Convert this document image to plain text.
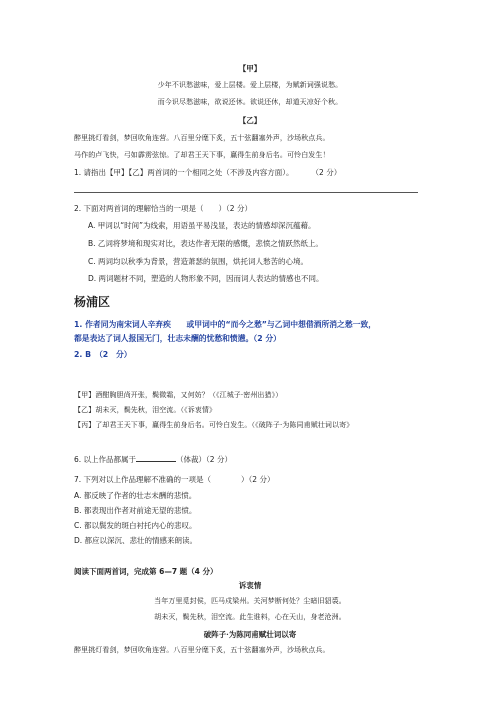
【甲】
少年不识愁滋味，爱上层楼。爱上层楼，为赋新词强说愁。
而今识尽愁滋味，欲说还休。欲说还休，却道天凉好个秋。
【乙】
醉里挑灯看剑，梦回吹角连营。八百里分麾下炙，五十弦翻塞外声，沙场秋点兵。
马作的卢飞快，弓如霹雳弦惊。了却君王天下事，赢得生前身后名。可怜白发生！
1. 请指出【甲】【乙】两首词的一个相同之处（不涉及内容方面）。 （2 分）
2. 下面对两首词的理解恰当的一项是（　　）（2 分）
A. 甲词以“时间”为线索，用语虽平易浅显，表达的情感却深沉蕴藉。
B. 乙词将梦境和现实对比，表达作者无限的感慨，悲愤之情跃然纸上。
C. 两词均以秋季为背景，营造萧瑟的氛围，烘托词人愁苦的心境。
D. 两词题材不同，塑造的人物形象不同，因而词人表达的情感也不同。
杨浦区
1. 作者同为南宋词人辛弃疾　　或甲词中的“而今之愁”与乙词中想借酒所消之愁一致，
都是表达了词人报国无门，壮志未酬的忧愁和愤懑。（2 分）
2. B　（2　分）
【甲】酒酣胸胆尚开张，鬓微霜，又何妨？（《江城子·密州出猎》）
【乙】胡未灭，鬓先秋，泪空流。（《诉衷情》
【丙】了却君王天下事，赢得生前身后名。可怜白发生。（《破阵子·为陈同甫赋壮词以寄》
6. 以上作品都属于	（体裁）（2 分）
7. 下列对以上作品理解不准确的一项是（　　　　）（2 分）
A. 都反映了作者的壮志未酬的悲愤。
B. 都表现出作者对前途无望的悲愤。
C. 都以鬓发的斑白衬托内心的悲叹。
D. 都应以深沉、悲壮的情感来朗读。
阅读下面两首词，完成第 6—7 题（4 分）
诉衷情
当年万里觅封侯，匹马戍梁州。关河梦断何处？尘暗旧貂裘。
胡未灭，鬓先秋，泪空流。此生谁料，心在天山，身老沧洲。
破阵子·为陈同甫赋壮词以寄
醉里挑灯看剑，梦回吹角连营。八百里分麾下炙，五十弦翻塞外声，沙场秋点兵。
